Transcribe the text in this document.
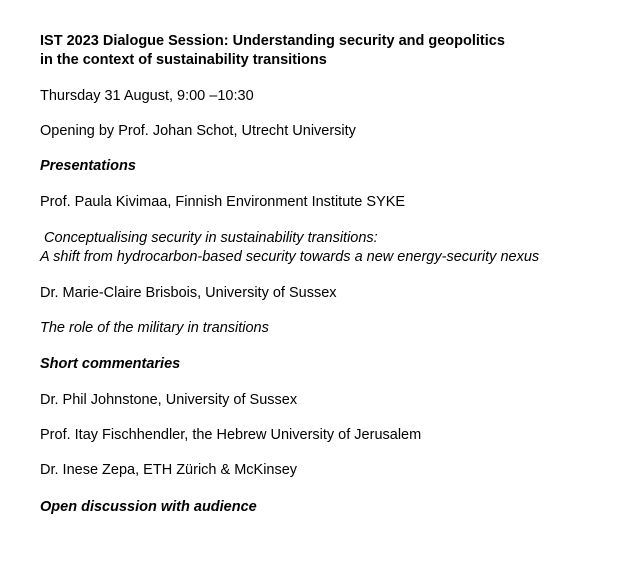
IST 2023 Dialogue Session: Understanding security and geopolitics
in the context of sustainability transitions
Thursday 31 August, 9:00 –10:30
Opening by Prof. Johan Schot, Utrecht University
Presentations
Prof. Paula Kivimaa, Finnish Environment Institute SYKE
Conceptualising security in sustainability transitions:
A shift from hydrocarbon-based security towards a new energy-security nexus
Dr. Marie-Claire Brisbois, University of Sussex
The role of the military in transitions
Short commentaries
Dr. Phil Johnstone, University of Sussex
Prof. Itay Fischhendler, the Hebrew University of Jerusalem
Dr. Inese Zepa, ETH Zürich & McKinsey
Open discussion with audience
